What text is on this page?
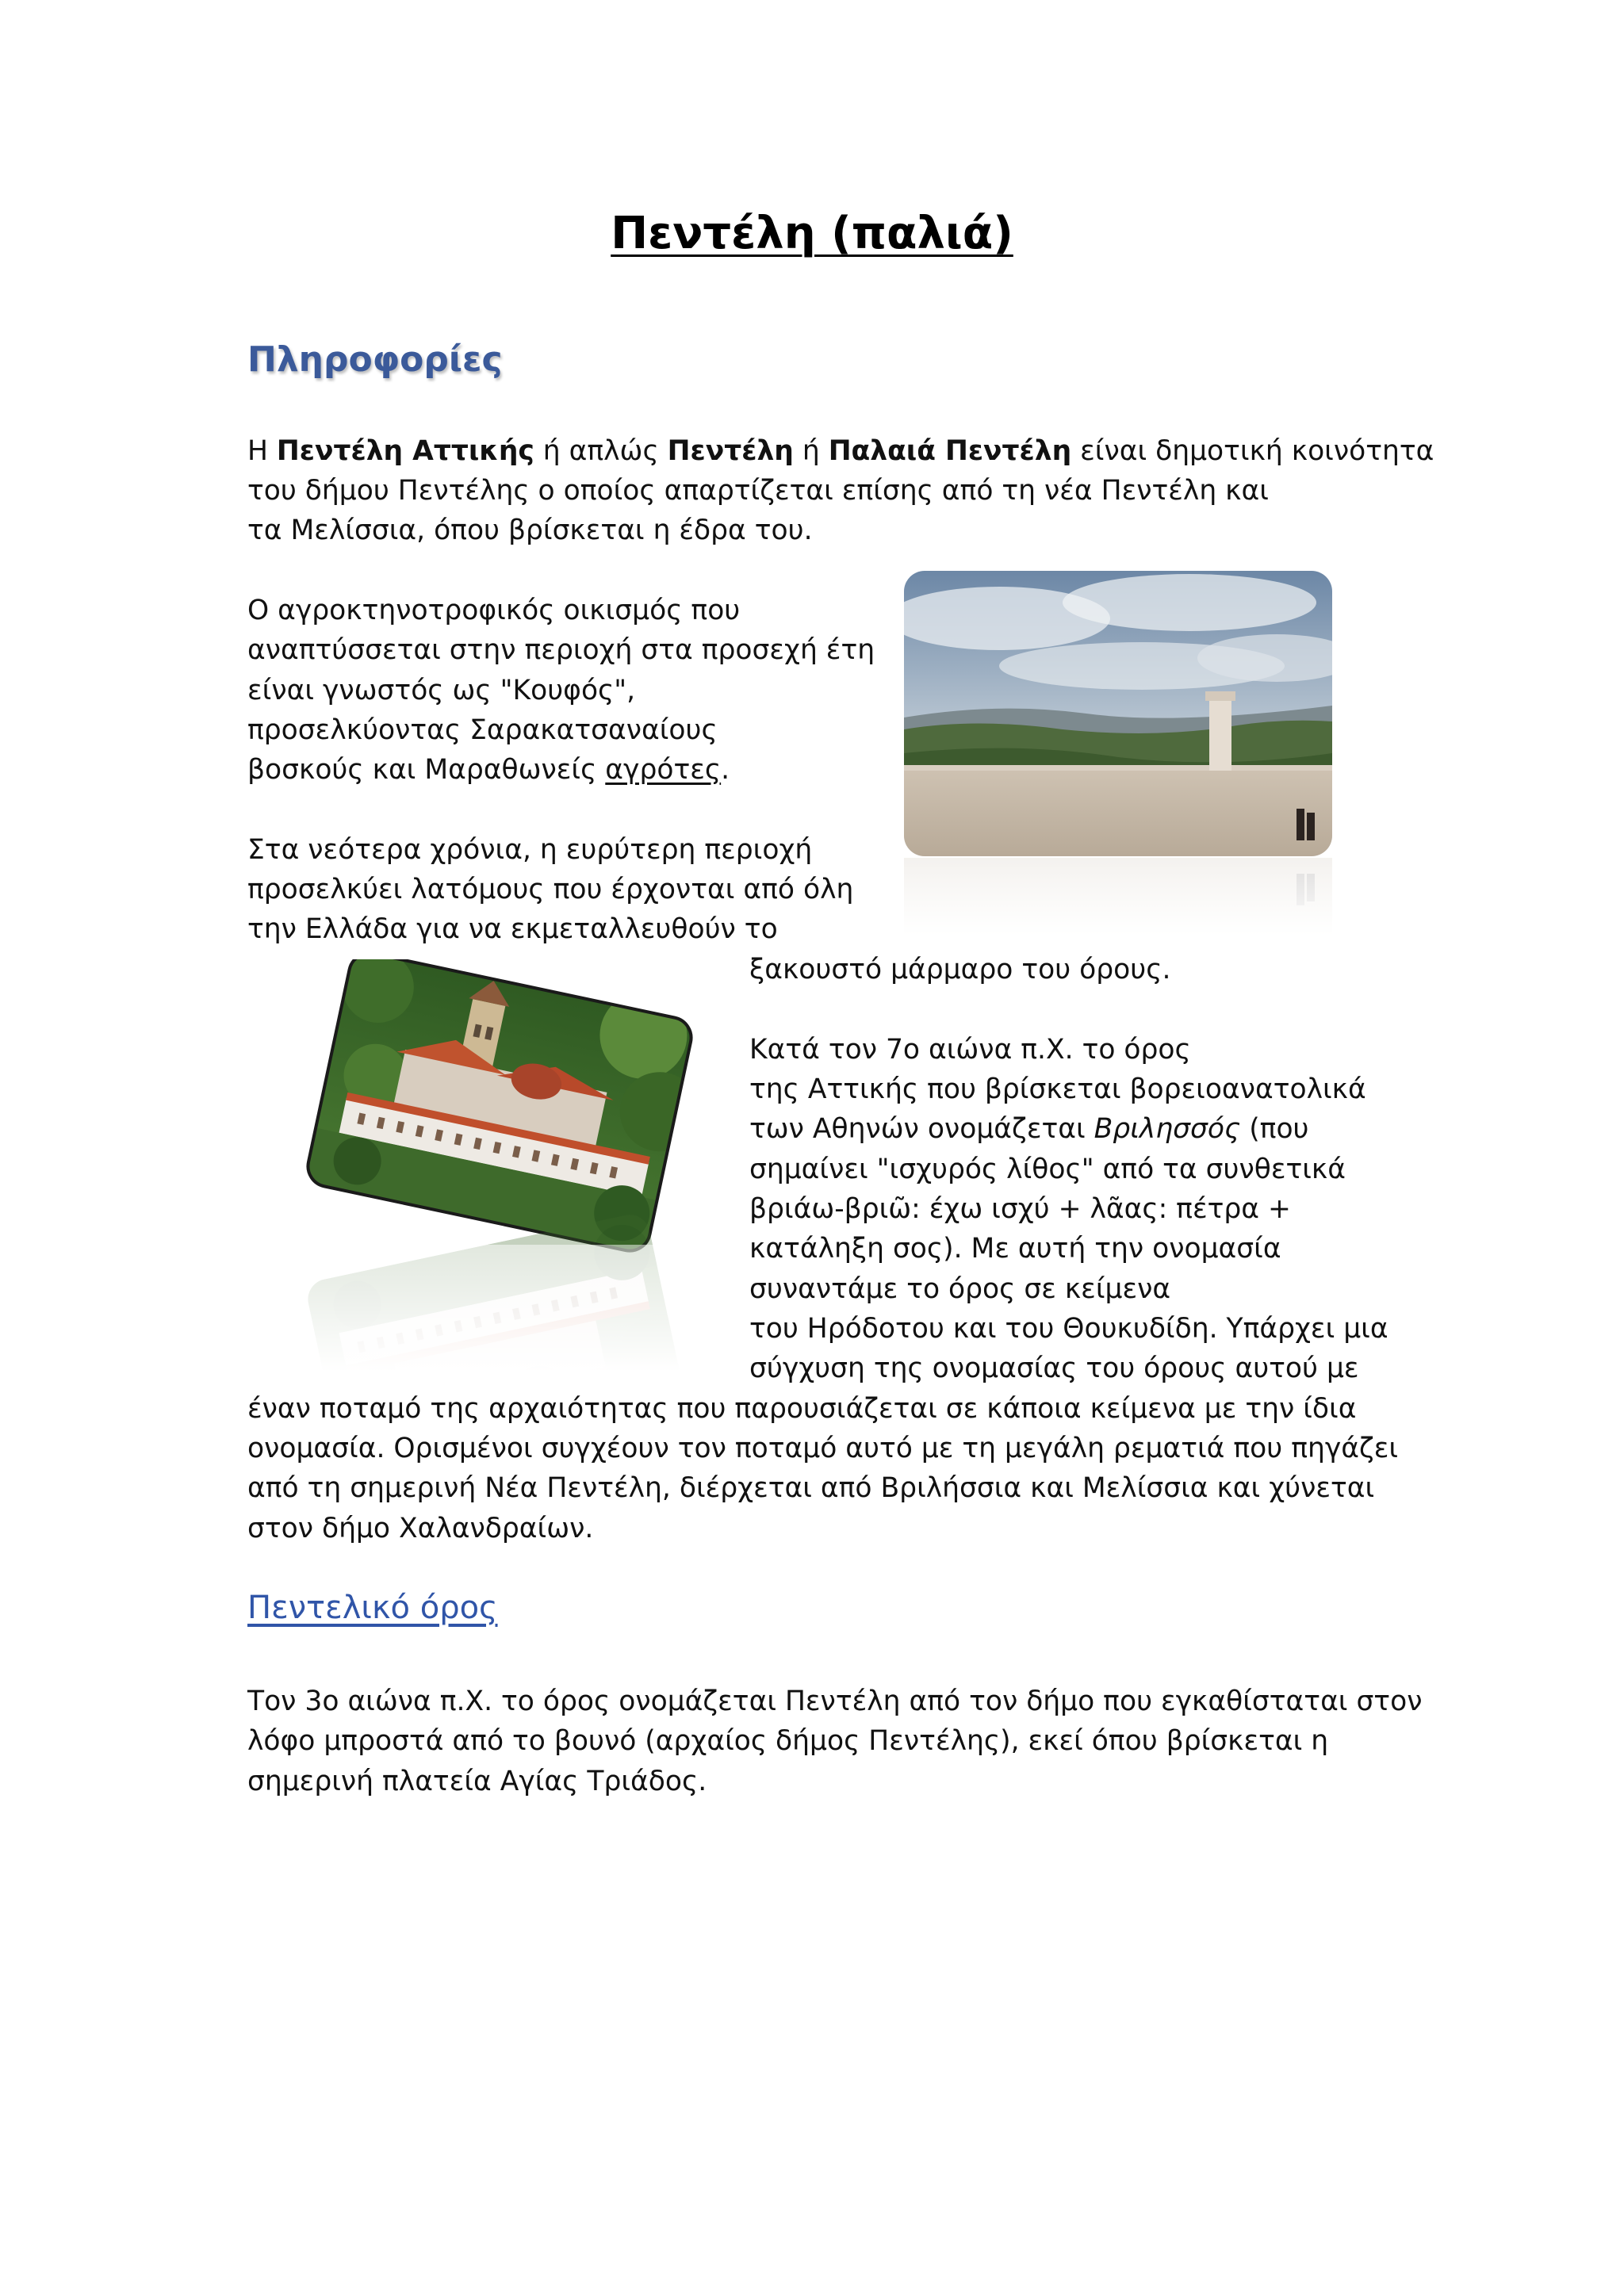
Πεντέλη (παλιά)
Πληροφορίες

Η Πεντέλη Αττικής ή απλώς Πεντέλη ή Παλαιά Πεντέλη είναι δημοτική κοινότητα

του δήμου Πεντέλης ο οποίος απαρτίζεται επίσης από τη νέα Πεντέλη και

τα Μελίσσια, όπου βρίσκεται η έδρα του.

Ο αγροκτηνοτροφικός οικισμός που

αναπτύσσεται στην περιοχή στα προσεχή έτη

είναι γνωστός ως "Κουφός",

προσελκύοντας Σαρακατσαναίους

βοσκούς και Μαραθωνείς αγρότες.

Στα νεότερα χρόνια, η ευρύτερη περιοχή

προσελκύει λατόμους που έρχονται από όλη

την Ελλάδα για να εκμεταλλευθούν το

ξακουστό μάρμαρο του όρους.

Κατά τον 7ο αιώνα π.Χ. το όρος

της Αττικής που βρίσκεται βορειοανατολικά

των Αθηνών ονομάζεται Βριλησσός (που

σημαίνει "ισχυρός λίθος" από τα συνθετικά

βριάω-βριῶ: έχω ισχύ + λᾶας: πέτρα +

κατάληξη σος). Με αυτή την ονομασία

συναντάμε το όρος σε κείμενα

του Ηρόδοτου και του Θουκυδίδη. Υπάρχει μια

σύγχυση της ονομασίας του όρους αυτού με

έναν ποταμό της αρχαιότητας που παρουσιάζεται σε κάποια κείμενα με την ίδια

ονομασία. Ορισμένοι συγχέουν τον ποταμό αυτό με τη μεγάλη ρεματιά που πηγάζει

από τη σημερινή Νέα Πεντέλη, διέρχεται από Βριλήσσια και Μελίσσια και χύνεται

στον δήμο Χαλανδραίων.

Πεντελικό όρος

Τον 3ο αιώνα π.Χ. το όρος ονομάζεται Πεντέλη από τον δήμο που εγκαθίσταται στον

λόφο μπροστά από το βουνό (αρχαίος δήμος Πεντέλης), εκεί όπου βρίσκεται η

σημερινή πλατεία Αγίας Τριάδος.
